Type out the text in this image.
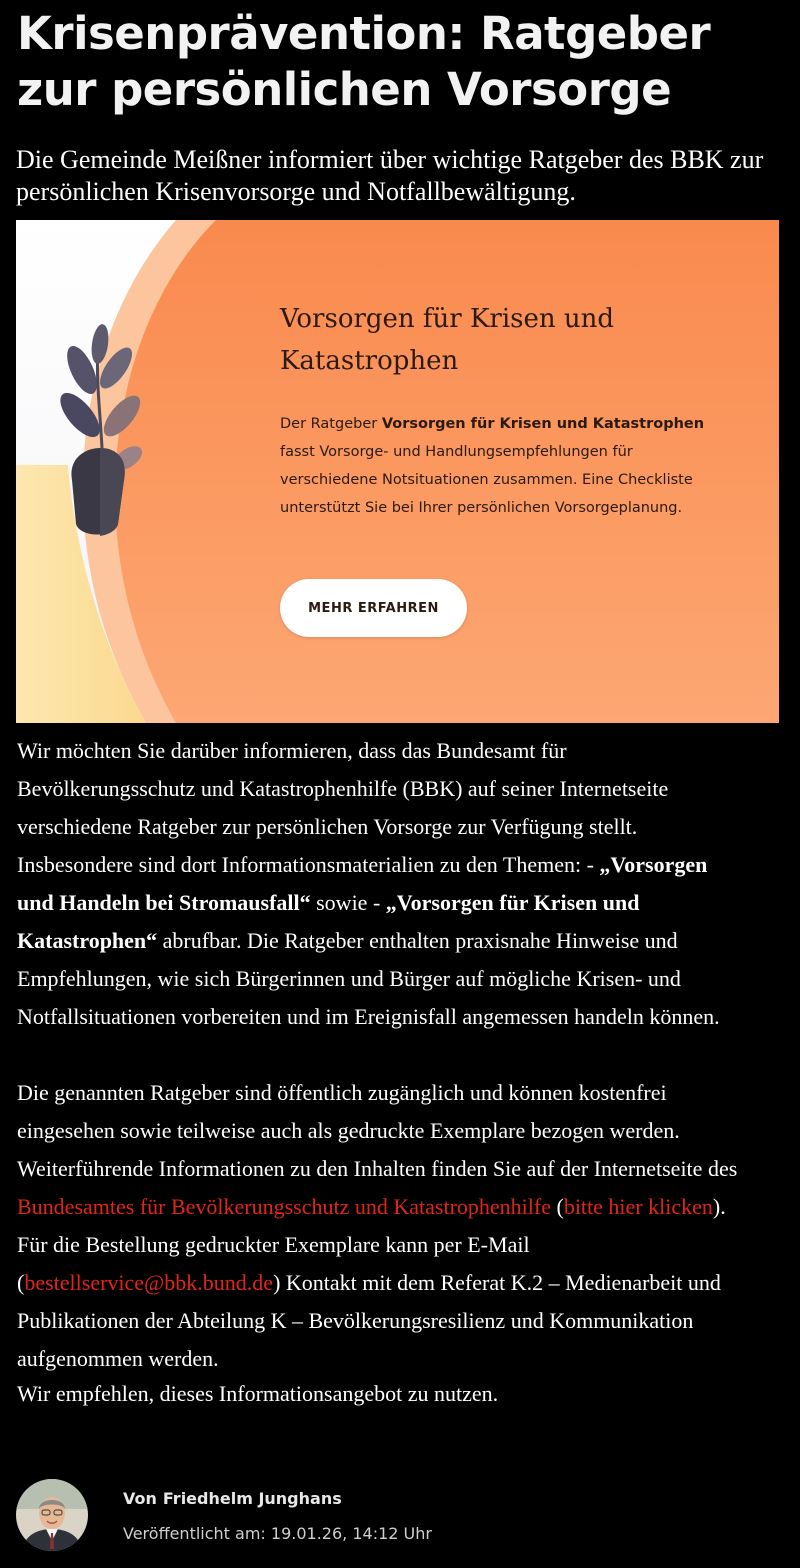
Krisenprävention: Ratgeber zur persönlichen Vorsorge

Die Gemeinde Meißner informiert über wichtige Ratgeber des BBK zur persönlichen Krisenvorsorge und Notfallbewältigung.

Vorsorgen für Krisen und Katastrophen

Der Ratgeber Vorsorgen für Krisen und Katastrophen fasst Vorsorge- und Handlungsempfehlungen für verschiedene Notsituationen zusammen. Eine Checkliste unterstützt Sie bei Ihrer persönlichen Vorsorgeplanung.

MEHR ERFAHREN

Wir möchten Sie darüber informieren, dass das Bundesamt für Bevölkerungsschutz und Katastrophenhilfe (BBK) auf seiner Internetseite verschiedene Ratgeber zur persönlichen Vorsorge zur Verfügung stellt. Insbesondere sind dort Informationsmaterialien zu den Themen: - „Vorsorgen und Handeln bei Stromausfall“ sowie - „Vorsorgen für Krisen und Katastrophen“ abrufbar. Die Ratgeber enthalten praxisnahe Hinweise und Empfehlungen, wie sich Bürgerinnen und Bürger auf mögliche Krisen- und Notfallsituationen vorbereiten und im Ereignisfall angemessen handeln können.

Die genannten Ratgeber sind öffentlich zugänglich und können kostenfrei eingesehen sowie teilweise auch als gedruckte Exemplare bezogen werden. Weiterführende Informationen zu den Inhalten finden Sie auf der Internetseite des Bundesamtes für Bevölkerungsschutz und Katastrophenhilfe (bitte hier klicken). Für die Bestellung gedruckter Exemplare kann per E-Mail (bestellservice@bbk.bund.de) Kontakt mit dem Referat K.2 – Medienarbeit und Publikationen der Abteilung K – Bevölkerungsresilienz und Kommunikation aufgenommen werden.

Wir empfehlen, dieses Informationsangebot zu nutzen.

Von Friedhelm Junghans
Veröffentlicht am: 19.01.26, 14:12 Uhr
